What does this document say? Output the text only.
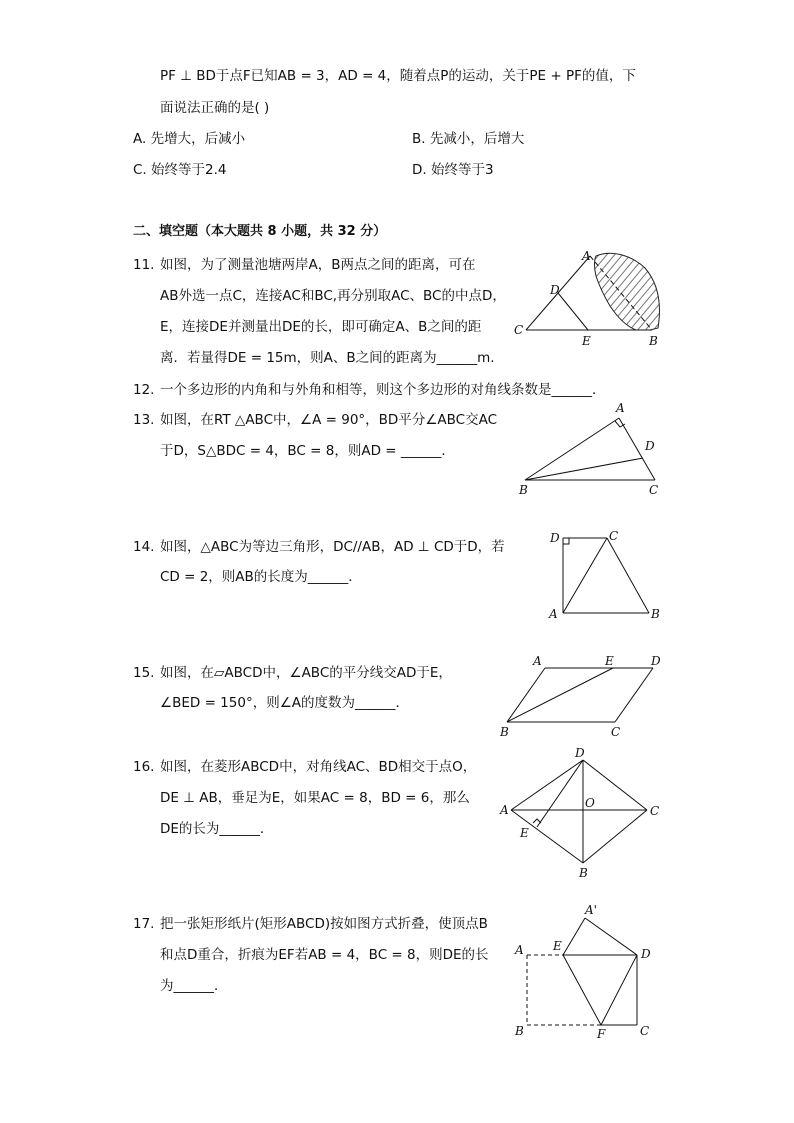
PF ⊥ BD于点F已知AB = 3，AD = 4，随着点P的运动，关于PE + PF的值，下
面说法正确的是( )
A. 先增大，后减小	B. 先减小，后增大
C. 始终等于2.4	D. 始终等于3
二、填空题（本大题共 8 小题，共 32 分）
11. 如图，为了测量池塘两岸A，B两点之间的距离，可在
AB外选一点C，连接AC和BC,再分别取AC、BC的中点D，
E，连接DE并测量出DE的长，即可确定A、B之间的距
离．若量得DE = 15m，则A、B之间的距离为______m.
A
D
C
E	B
12. 一个多边形的内角和与外角和相等，则这个多边形的对角线条数是______．
13. 如图，在RT △ABC中，∠A = 90°，BD平分∠ABC交AC
于D，S△BDC = 4，BC = 8，则AD = ______．
A
D
B	C
14. 如图，△ABC为等边三角形，DC//AB，AD ⊥ CD于D，若
CD = 2，则AB的长度为______．
D	C
A	B
15. 如图，在▱ABCD中，∠ABC的平分线交AD于E，
∠BED = 150°，则∠A的度数为______．
A	E	D
B	C
16. 如图，在菱形ABCD中，对角线AC、BD相交于点O，
DE ⊥ AB，垂足为E，如果AC = 8，BD = 6，那么
DE的长为______．
D
A	O
C
E
B
17. 把一张矩形纸片(矩形ABCD)按如图方式折叠，使顶点B
和点D重合，折痕为EF若AB = 4，BC = 8，则DE的长
为______．
A'
A E
D
B	F	C
